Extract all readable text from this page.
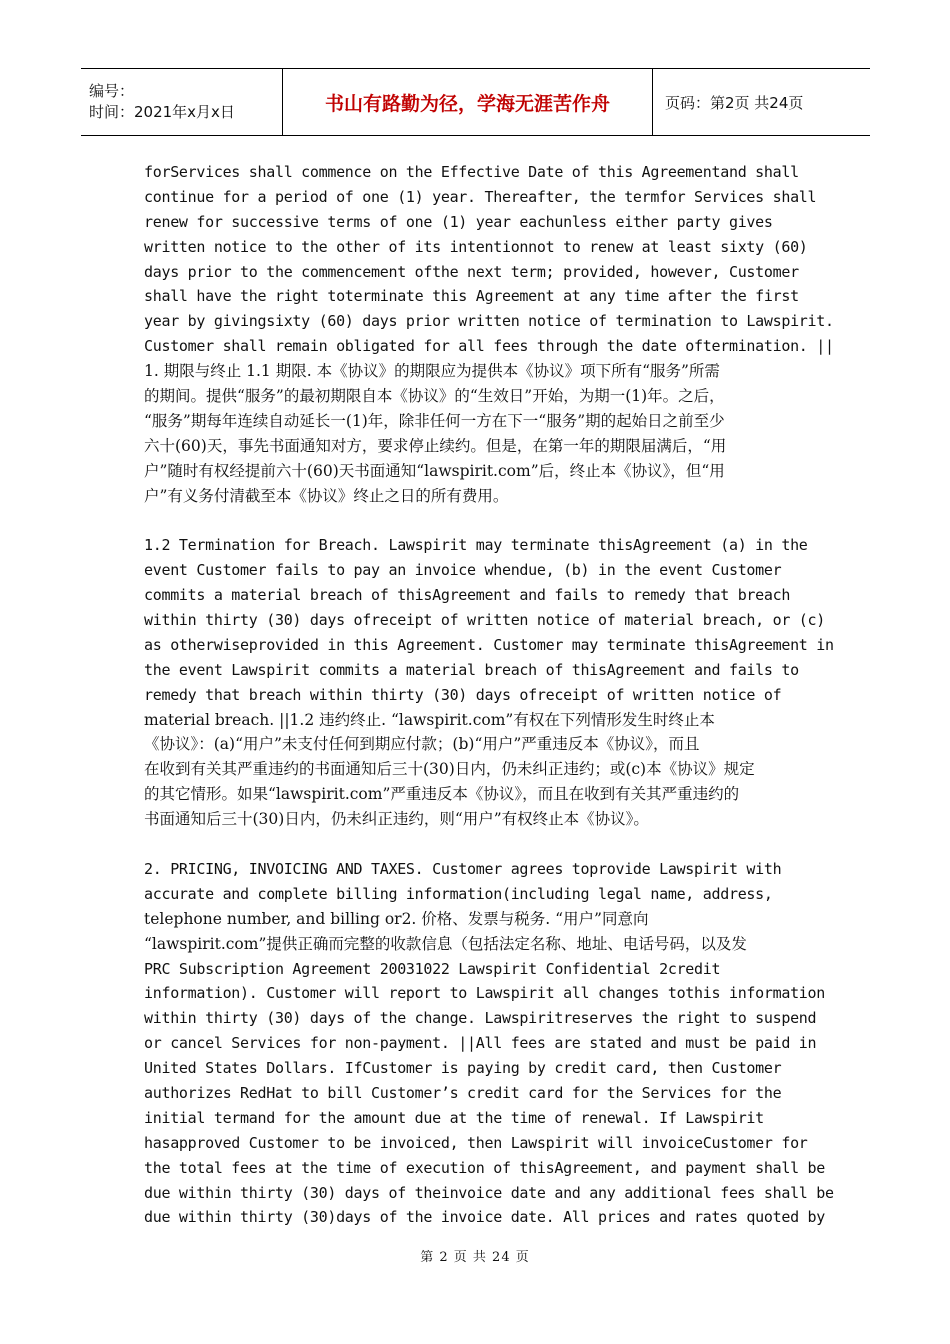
编号：
时间：2021年x月x日	书山有路勤为径，学海无涯苦作舟	页码：第2页 共24页
forServices shall commence on the Effective Date of this Agreementand shall
continue for a period of one (1) year. Thereafter, the termfor Services shall
renew for successive terms of one (1) year eachunless either party gives
written notice to the other of its intentionnot to renew at least sixty (60)
days prior to the commencement ofthe next term; provided, however, Customer
shall have the right toterminate this Agreement at any time after the first
year by givingsixty (60) days prior written notice of termination to Lawspirit.
Customer shall remain obligated for all fees through the date oftermination. ||
1. 期限与终止 1.1 期限. 本《协议》的期限应为提供本《协议》项下所有“服务”所需
的期间。提供“服务”的最初期限自本《协议》的“生效日”开始，为期一(1)年。之后，
“服务”期每年连续自动延长一(1)年，除非任何一方在下一“服务”期的起始日之前至少
六十(60)天，事先书面通知对方，要求停止续约。但是，在第一年的期限届满后，“用
户”随时有权经提前六十(60)天书面通知“lawspirit.com”后，终止本《协议》，但“用
户”有义务付清截至本《协议》终止之日的所有费用。
1.2 Termination for Breach. Lawspirit may terminate thisAgreement (a) in the
event Customer fails to pay an invoice whendue, (b) in the event Customer
commits a material breach of thisAgreement and fails to remedy that breach
within thirty (30) days ofreceipt of written notice of material breach, or (c)
as otherwiseprovided in this Agreement. Customer may terminate thisAgreement in
the event Lawspirit commits a material breach of thisAgreement and fails to
remedy that breach within thirty (30) days ofreceipt of written notice of
material breach. ||1.2 违约终止. “lawspirit.com”有权在下列情形发生时终止本
《协议》：(a)“用户”未支付任何到期应付款；(b)“用户”严重违反本《协议》，而且
在收到有关其严重违约的书面通知后三十(30)日内，仍未纠正违约；或(c)本《协议》规定
的其它情形。如果“lawspirit.com”严重违反本《协议》，而且在收到有关其严重违约的
书面通知后三十(30)日内，仍未纠正违约，则“用户”有权终止本《协议》。
2. PRICING, INVOICING AND TAXES. Customer agrees toprovide Lawspirit with
accurate and complete billing information(including legal name, address,
telephone number, and billing or2. 价格、发票与税务. “用户”同意向
“lawspirit.com”提供正确而完整的收款信息（包括法定名称、地址、电话号码，以及发
PRC Subscription Agreement 20031022 Lawspirit Confidential 2credit
information). Customer will report to Lawspirit all changes tothis information
within thirty (30) days of the change. Lawspiritreserves the right to suspend
or cancel Services for non-payment. ||All fees are stated and must be paid in
United States Dollars. IfCustomer is paying by credit card, then Customer
authorizes RedHat to bill Customer’s credit card for the Services for the
initial termand for the amount due at the time of renewal. If Lawspirit
hasapproved Customer to be invoiced, then Lawspirit will invoiceCustomer for
the total fees at the time of execution of thisAgreement, and payment shall be
due within thirty (30) days of theinvoice date and any additional fees shall be
due within thirty (30)days of the invoice date. All prices and rates quoted by
第 2 页 共 24 页
